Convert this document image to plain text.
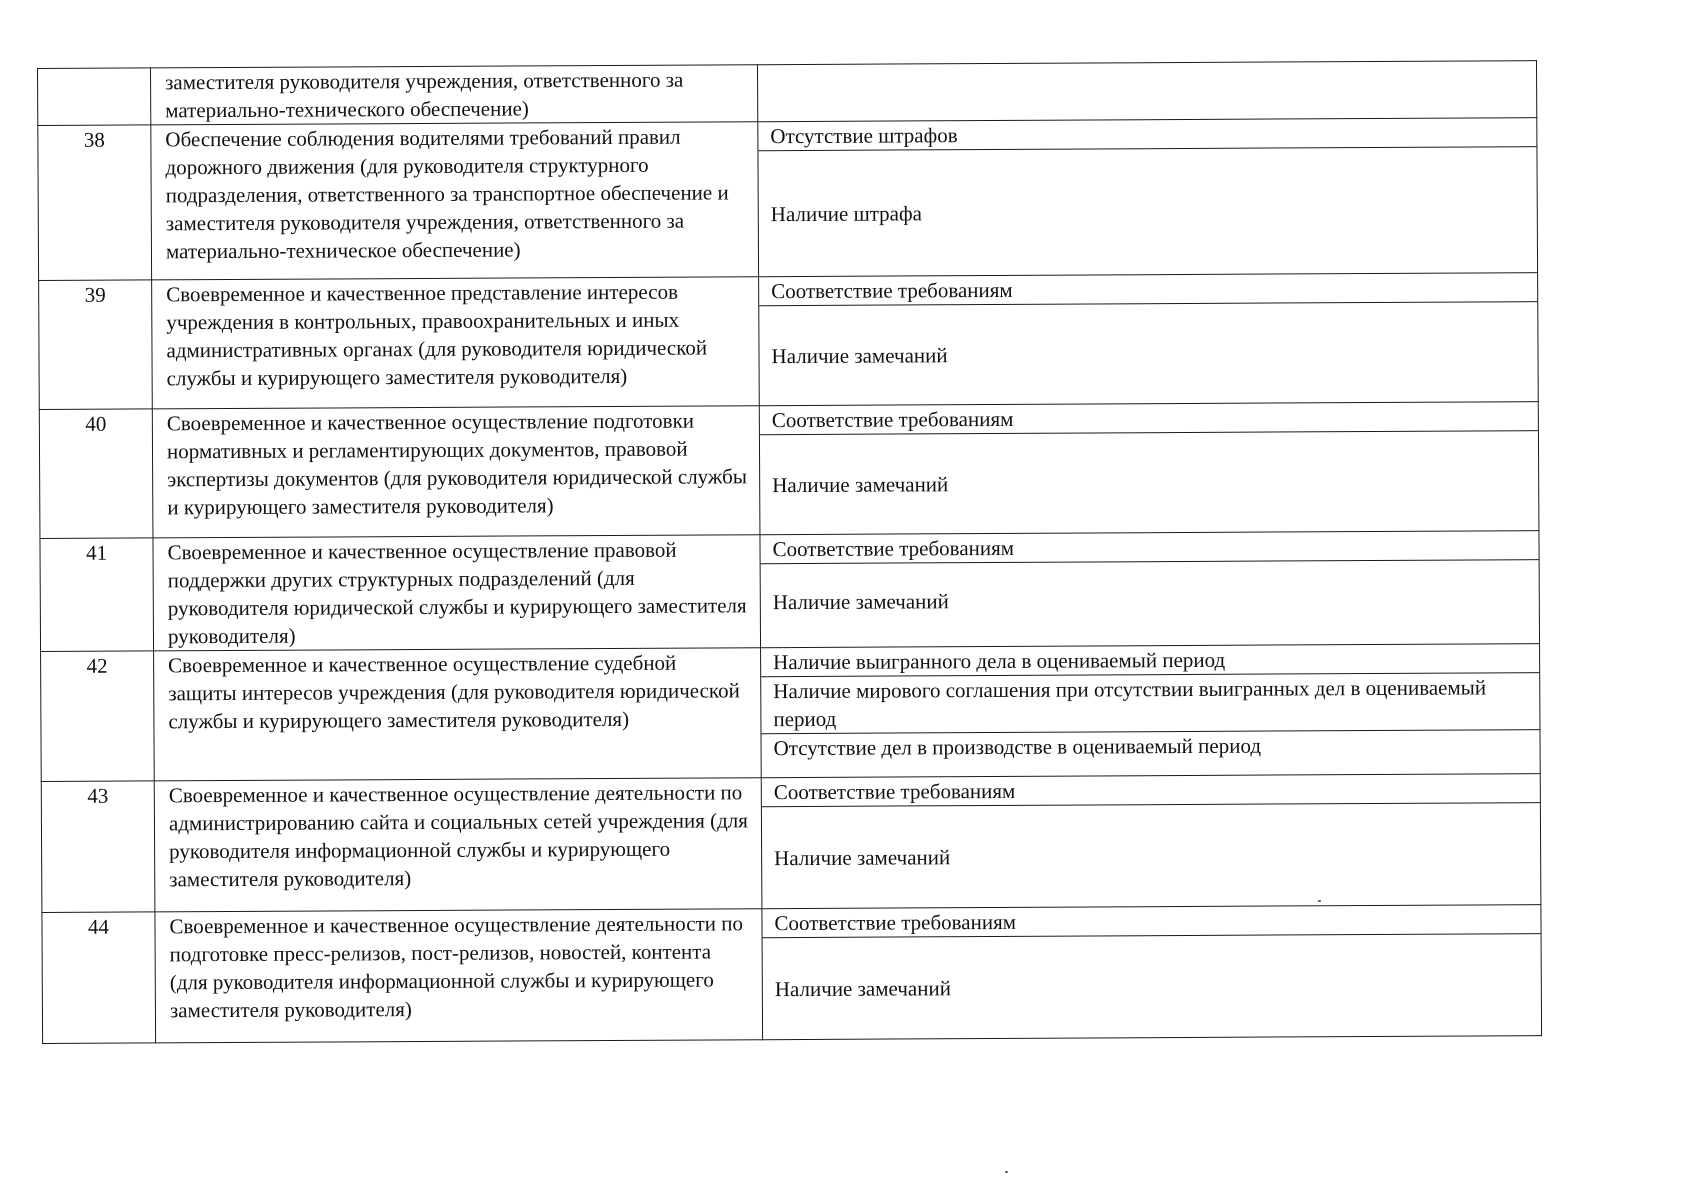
	заместителя руководителя учреждения, ответственного за материально-технического обеспечение)	
38	Обеспечение соблюдения водителями требований правил дорожного движения (для руководителя структурного подразделения, ответственного за транспортное обеспечение и заместителя руководителя учреждения, ответственного за материально-техническое обеспечение)	Отсутствие штрафов
Наличие штрафа

39	Своевременное и качественное представление интересов учреждения в контрольных, правоохранительных и иных административных органах (для руководителя юридической службы и курирующего заместителя руководителя)	Соответствие требованиям
Наличие замечаний

40	Своевременное и качественное осуществление подготовки нормативных и регламентирующих документов, правовой экспертизы документов (для руководителя юридической службы и курирующего заместителя руководителя)	Соответствие требованиям
Наличие замечаний

41	Своевременное и качественное осуществление правовой поддержки других структурных подразделений (для руководителя юридической службы и курирующего заместителя руководителя)	Соответствие требованиям
Наличие замечаний

42	Своевременное и качественное осуществление судебной защиты интересов учреждения (для руководителя юридической службы и курирующего заместителя руководителя)	Наличие выигранного дела в оцениваемый период
Наличие мирового соглашения при отсутствии выигранных дел в оцениваемый период
Отсутствие дел в производстве в оцениваемый период

43	Своевременное и качественное осуществление деятельности по администрированию сайта и социальных сетей учреждения (для руководителя информационной службы и курирующего заместителя руководителя)	Соответствие требованиям
Наличие замечаний

44	Своевременное и качественное осуществление деятельности по подготовке пресс-релизов, пост-релизов, новостей, контента (для руководителя информационной службы и курирующего заместителя руководителя)	Соответствие требованиям
Наличие замечаний
